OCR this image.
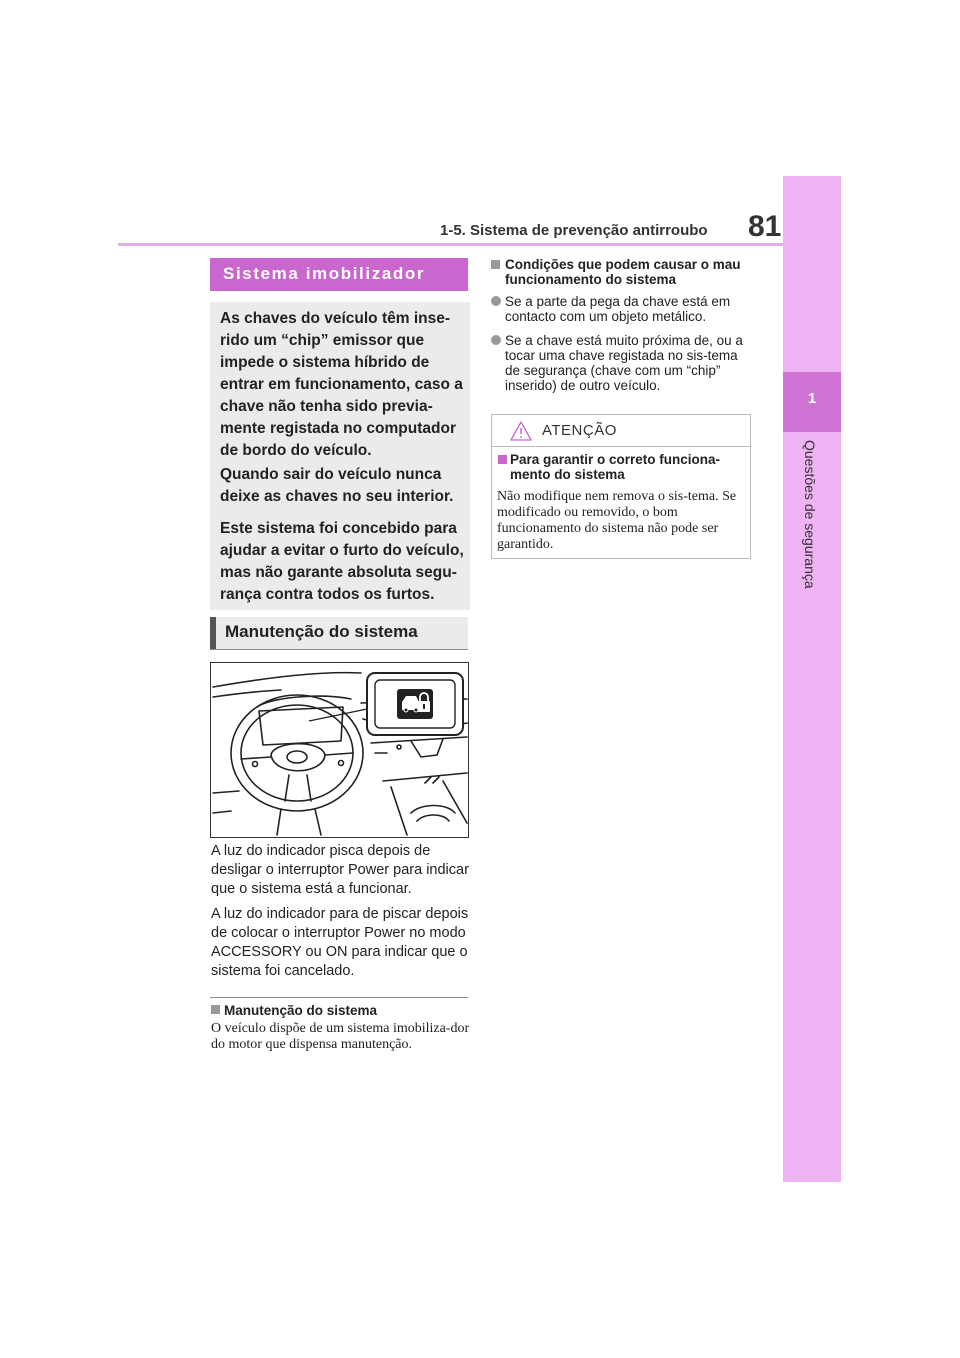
1-5. Sistema de prevenção antirroubo 81
1
Questões de segurança
Sistema imobilizador

As chaves do veículo têm inse-rido um “chip” emissor que impede o sistema híbrido de entrar em funcionamento, caso a chave não tenha sido previa-mente registada no computador de bordo do veículo.

Quando sair do veículo nunca deixe as chaves no seu interior.

Este sistema foi concebido para ajudar a evitar o furto do veículo, mas não garante absoluta segu-rança contra todos os furtos.

Manutenção do sistema

A luz do indicador pisca depois de desligar o interruptor Power para indicar que o sistema está a funcionar.

A luz do indicador para de piscar depois de colocar o interruptor Power no modo ACCESSORY ou ON para indicar que o sistema foi cancelado.

Manutenção do sistema

O veículo dispõe de um sistema imobiliza-dor do motor que dispensa manutenção.

Condições que podem causar o mau funcionamento do sistema
Se a parte da pega da chave está em contacto com um objeto metálico.
Se a chave está muito próxima de, ou a tocar uma chave registada no sis-tema de segurança (chave com um “chip” inserido) de outro veículo.
ATENÇÃO
Para garantir o correto funciona-mento do sistema

Não modifique nem remova o sis-tema. Se modificado ou removido, o bom funcionamento do sistema não pode ser garantido.
